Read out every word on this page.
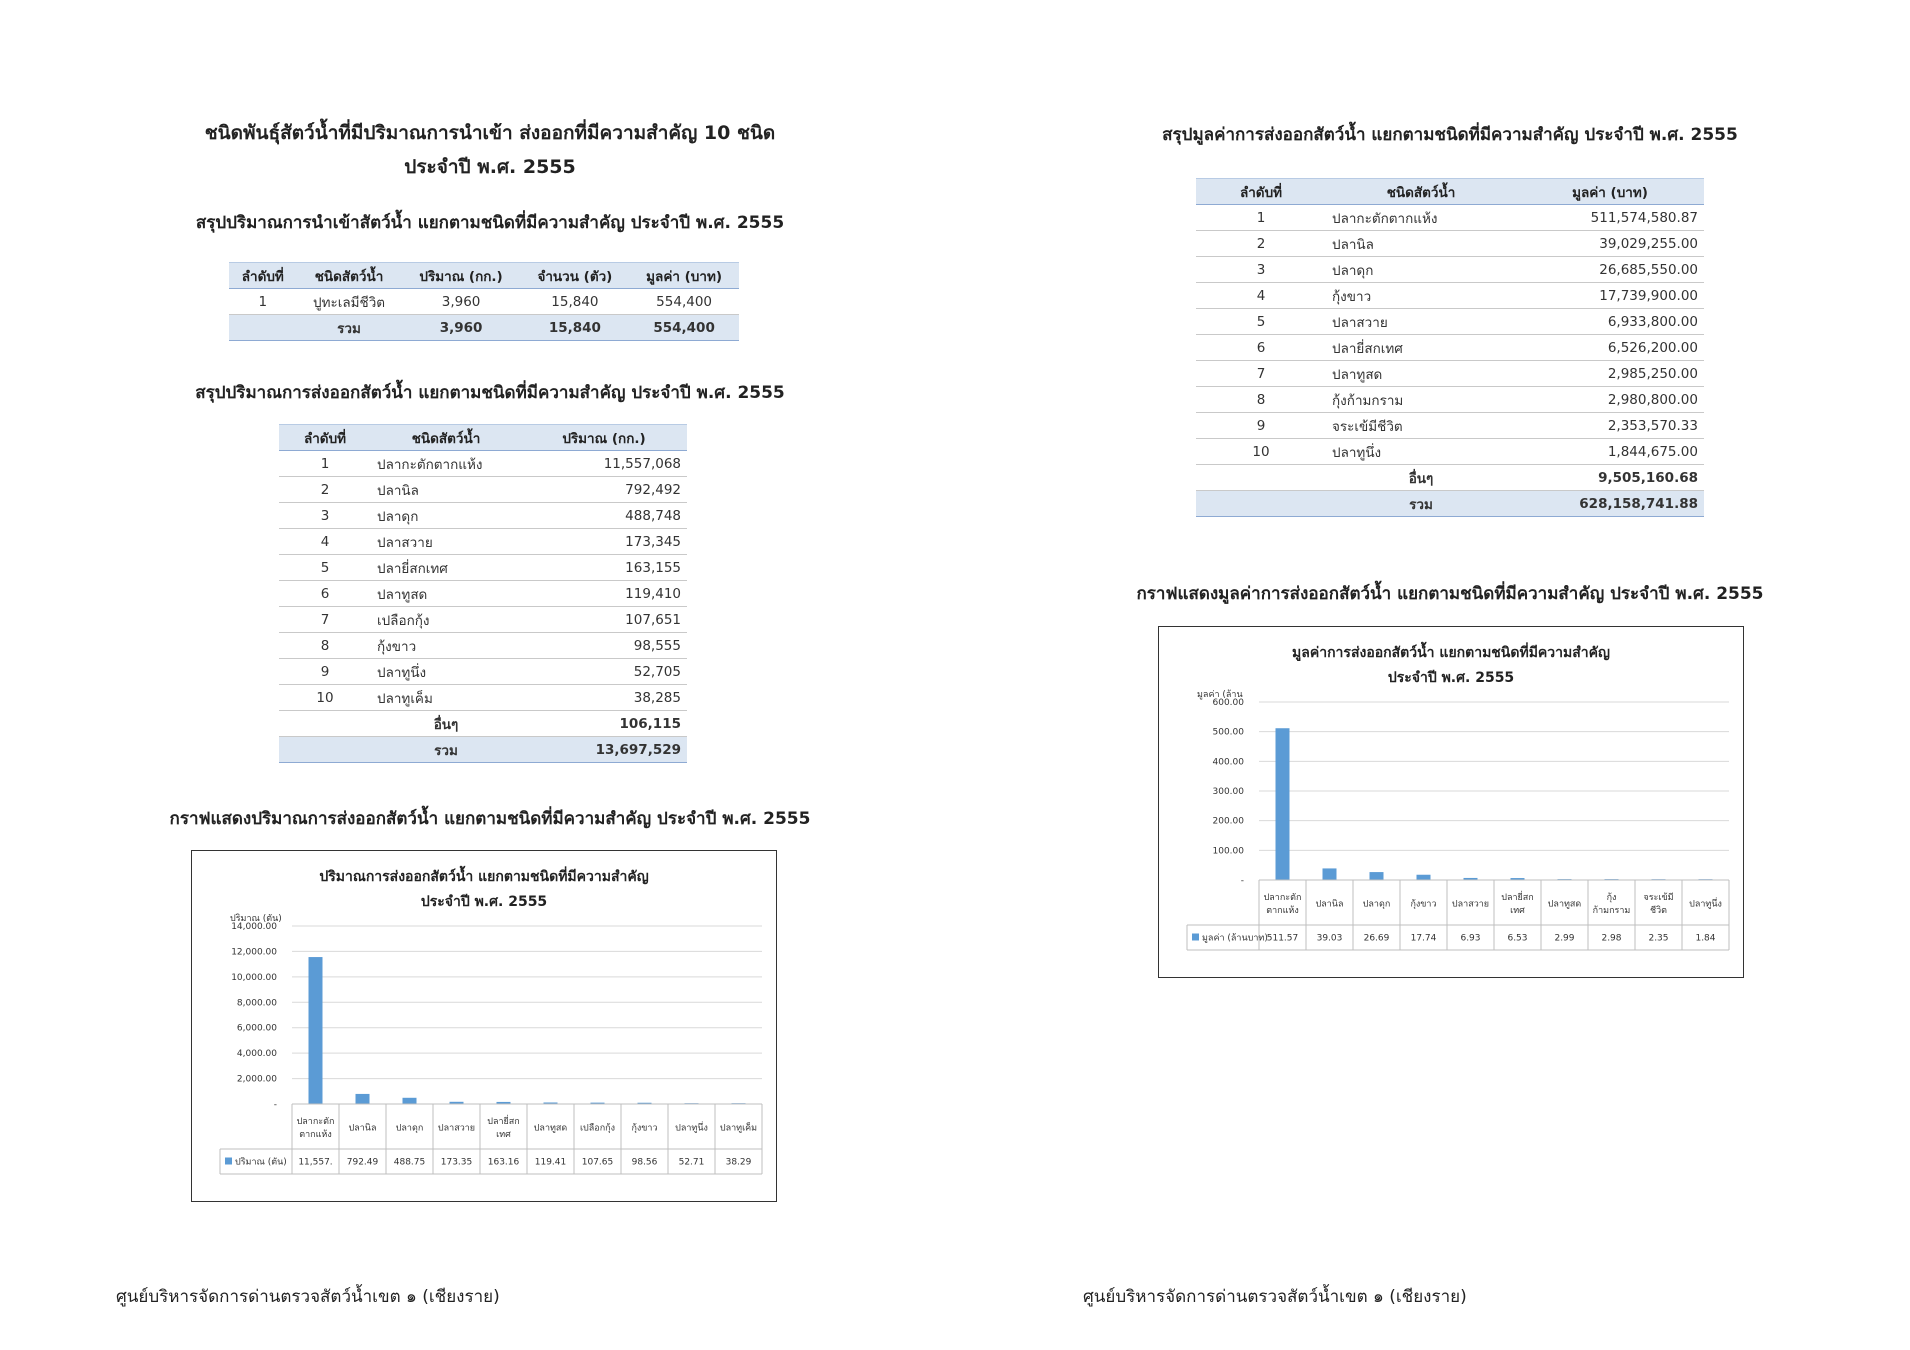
ชนิดพันธุ์สัตว์น้ำที่มีปริมาณการนำเข้า ส่งออกที่มีความสำคัญ 10 ชนิด
ประจำปี พ.ศ. 2555
สรุปปริมาณการนำเข้าสัตว์น้ำ แยกตามชนิดที่มีความสำคัญ ประจำปี พ.ศ. 2555
ลำดับที่	ชนิดสัตว์น้ำ	ปริมาณ (กก.)	จำนวน (ตัว)	มูลค่า (บาท)
1	ปูทะเลมีชีวิต	3,960	15,840	554,400
	รวม	3,960	15,840	554,400
สรุปปริมาณการส่งออกสัตว์น้ำ แยกตามชนิดที่มีความสำคัญ ประจำปี พ.ศ. 2555
ลำดับที่	ชนิดสัตว์น้ำ	ปริมาณ (กก.)
1	ปลากะตักตากแห้ง	11,557,068
2	ปลานิล	792,492
3	ปลาดุก	488,748
4	ปลาสวาย	173,345
5	ปลายี่สกเทศ	163,155
6	ปลาทูสด	119,410
7	เปลือกกุ้ง	107,651
8	กุ้งขาว	98,555
9	ปลาทูนึ่ง	52,705
10	ปลาทูเค็ม	38,285
	อื่นๆ	106,115
	รวม	13,697,529
กราฟแสดงปริมาณการส่งออกสัตว์น้ำ แยกตามชนิดที่มีความสำคัญ ประจำปี พ.ศ. 2555
ปริมาณการส่งออกสัตว์น้ำ แยกตามชนิดที่มีความสำคัญ
ประจำปี พ.ศ. 2555
ปริมาณ (ตัน)
-
2,000.00
4,000.00
6,000.00
8,000.00
10,000.00
12,000.00
14,000.00
ปลากะตัก
ตากแห้ง
ปลานิล ปลาดุก ปลาสวาย
ปลายี่สก
เทศ
ปลาทูสด เปลือกกุ้ง กุ้งขาว ปลาทูนึ่ง ปลาทูเค็ม
ปริมาณ (ตัน) 11,557. 792.49 488.75 173.35 163.16 119.41 107.65 98.56 52.71 38.29
ศูนย์บริหารจัดการด่านตรวจสัตว์น้ำเขต ๑ (เชียงราย)
สรุปมูลค่าการส่งออกสัตว์น้ำ แยกตามชนิดที่มีความสำคัญ ประจำปี พ.ศ. 2555
ลำดับที่	ชนิดสัตว์น้ำ	มูลค่า (บาท)
1	ปลากะตักตากแห้ง	511,574,580.87
2	ปลานิล	39,029,255.00
3	ปลาดุก	26,685,550.00
4	กุ้งขาว	17,739,900.00
5	ปลาสวาย	6,933,800.00
6	ปลายี่สกเทศ	6,526,200.00
7	ปลาทูสด	2,985,250.00
8	กุ้งก้ามกราม	2,980,800.00
9	จระเข้มีชีวิต	2,353,570.33
10	ปลาทูนึ่ง	1,844,675.00
	อื่นๆ	9,505,160.68
	รวม	628,158,741.88
กราฟแสดงมูลค่าการส่งออกสัตว์น้ำ แยกตามชนิดที่มีความสำคัญ ประจำปี พ.ศ. 2555
มูลค่าการส่งออกสัตว์น้ำ แยกตามชนิดที่มีความสำคัญ
ประจำปี พ.ศ. 2555
มูลค่า (ล้าน
-
100.00
200.00
300.00
400.00
500.00
600.00
ปลากะตัก
ตากแห้ง
ปลานิล ปลาดุก กุ้งขาว ปลาสวาย
ปลายี่สก
เทศ
ปลาทูสด
กุ้ง
ก้ามกราม
จระเข้มี
ชีวิต
ปลาทูนึ่ง
มูลค่า (ล้านบาท)
511.57 39.03 26.69 17.74	6.93	6.53	2.99	2.98	2.35	1.84
ศูนย์บริหารจัดการด่านตรวจสัตว์น้ำเขต ๑ (เชียงราย)
